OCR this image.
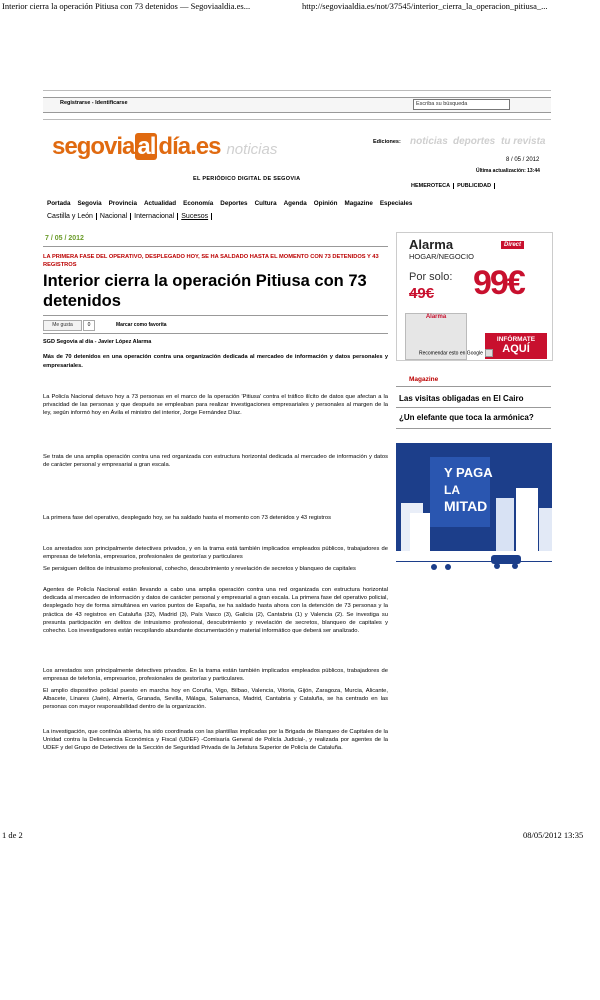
Interior cierra la operación Pitiusa con 73 detenidos — Segoviaaldia.es...	http://segoviaaldia.es/not/37545/interior_cierra_la_operacion_pitiusa_...
Registrarse - Identificarse	Escriba su búsqueda
segovia al día.es noticias
EL PERIÓDICO DIGITAL DE SEGOVIA
Ediciones: noticias deportes tu revista
8 / 05 / 2012
Última actualización: 13:44
HEMEROTECA PUBLICIDAD
Portada Segovia Provincia Actualidad Economía Deportes Cultura Agenda Opinión Magazine Especiales
Castilla y León Nacional Internacional Sucesos
7 / 05 / 2012
LA PRIMERA FASE DEL OPERATIVO, DESPLEGADO HOY, SE HA SALDADO HASTA EL MOMENTO CON 73 DETENIDOS Y 43 REGISTROS
Interior cierra la operación Pitiusa con 73 detenidos
Me gusta	0	Marcar como favorita
SGD Segovia al día - Javier López Alarma
Más de 70 detenidos en una operación contra una organización dedicada al mercadeo de información y datos personales y empresariales.
La Policía Nacional detuvo hoy a 73 personas en el marco de la operación 'Pitiusa' contra el tráfico ilícito de datos que afectan a la privacidad de las personas y que después se empleaban para realizar investigaciones empresariales y personales al margen de la ley, según informó hoy en Ávila el ministro del interior, Jorge Fernández Díaz.
Se trata de una amplia operación contra una red organizada con estructura horizontal dedicada al mercadeo de información y datos de carácter personal y empresarial a gran escala.
La primera fase del operativo, desplegado hoy, se ha saldado hasta el momento con 73 detenidos y 43 registros
Los arrestados son principalmente detectives privados, y en la trama está también implicados empleados públicos, trabajadores de empresas de telefonía, empresarios, profesionales de gestorías y particulares
Se persiguen delitos de intrusismo profesional, cohecho, descubrimiento y revelación de secretos y blanqueo de capitales
Agentes de Policía Nacional están llevando a cabo una amplia operación contra una red organizada con estructura horizontal dedicada al mercadeo de información y datos de carácter personal y empresarial a gran escala. La primera fase del operativo policial, desplegado hoy de forma simultánea en varios puntos de España, se ha saldado hasta ahora con la detención de 73 personas y la práctica de 43 registros en Cataluña (32), Madrid (3), País Vasco (3), Galicia (2), Cantabria (1) y Valencia (2). Se investiga su presunta participación en delitos de intrusismo profesional, descubrimiento y revelación de secretos, blanqueo de capitales y cohecho. Los investigadores están recopilando abundante documentación y material informático que deberá ser analizado.
Los arrestados son principalmente detectives privados. En la trama están también implicados empleados públicos, trabajadores de empresas de telefonía, empresarios, profesionales de gestorías y particulares.
El amplio dispositivo policial puesto en marcha hoy en Coruña, Vigo, Bilbao, Valencia, Vitoria, Gijón, Zaragoza, Murcia, Alicante, Albacete, Linares (Jaén), Almería, Granada, Sevilla, Málaga, Salamanca, Madrid, Cantabria y Cataluña, se ha centrado en las personas con mayor responsabilidad dentro de la organización.
La investigación, que continúa abierta, ha sido coordinada con las plantillas implicadas por la Brigada de Blanqueo de Capitales de la Unidad contra la Delincuencia Económica y Fiscal (UDEF) -Comisaría General de Policía Judicial-, y realizada por agentes de la UDEF y del Grupo de Detectives de la Sección de Seguridad Privada de la Jefatura Superior de Policía de Cataluña.
Alarma
HOGAR/NEGOCIO
Direct
Por solo:
49€ 99€
Alarma
INFÓRMATE
AQUÍ
Recomendar esto en Google
Magazine
Las visitas obligadas en El Cairo
¿Un elefante que toca la armónica?
Y PAGA
LA
MITAD
1 de 2	08/05/2012 13:35
